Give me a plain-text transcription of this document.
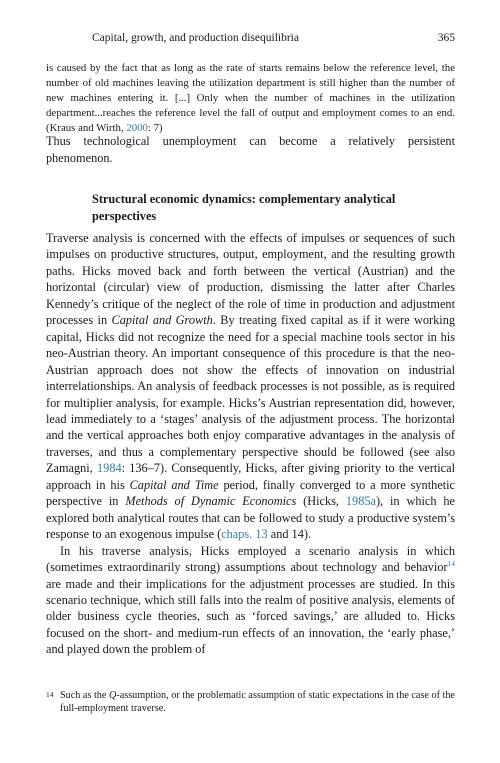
Capital, growth, and production disequilibria	365
is caused by the fact that as long as the rate of starts remains below the reference level, the number of old machines leaving the utilization department is still higher than the number of new machines entering it. [...] Only when the number of machines in the utilization department...reaches the reference level the fall of output and employment comes to an end. (Kraus and Wirth, 2000: 7)
Thus technological unemployment can become a relatively persistent phenomenon.
Structural economic dynamics: complementary analytical perspectives

Traverse analysis is concerned with the effects of impulses or sequences of such impulses on productive structures, output, employment, and the resulting growth paths. Hicks moved back and forth between the vertical (Austrian) and the horizontal (circular) view of production, dismissing the latter after Charles Kennedy’s critique of the neglect of the role of time in production and adjustment processes in Capital and Growth. By treating fixed capital as if it were working capital, Hicks did not recognize the need for a special machine tools sector in his neo-Austrian theory. An important consequence of this procedure is that the neo-Austrian approach does not show the effects of innovation on industrial interrelationships. An analysis of feedback processes is not possible, as is required for multiplier analysis, for example. Hicks’s Austrian representation did, however, lead immediately to a ‘stages’ analysis of the adjustment process. The horizontal and the vertical approaches both enjoy comparative advantages in the analysis of traverses, and thus a complementary perspective should be followed (see also Zamagni, 1984: 136–7). Consequently, Hicks, after giving priority to the vertical approach in his Capital and Time period, finally converged to a more synthetic perspective in Methods of Dynamic Economics (Hicks, 1985a), in which he explored both analytical routes that can be followed to study a productive system’s response to an exogenous impulse (chaps. 13 and 14).

In his traverse analysis, Hicks employed a scenario analysis in which (sometimes extraordinarily strong) assumptions about technology and behavior$^{14}$ are made and their implications for the adjustment processes are studied. In this scenario technique, which still falls into the realm of positive analysis, elements of older business cycle theories, such as ‘forced savings,’ are alluded to. Hicks focused on the short- and medium-run effects of an innovation, the ‘early phase,’ and played down the problem of

14 Such as the Q-assumption, or the problematic assumption of static expectations in the case of the full-employment traverse.
